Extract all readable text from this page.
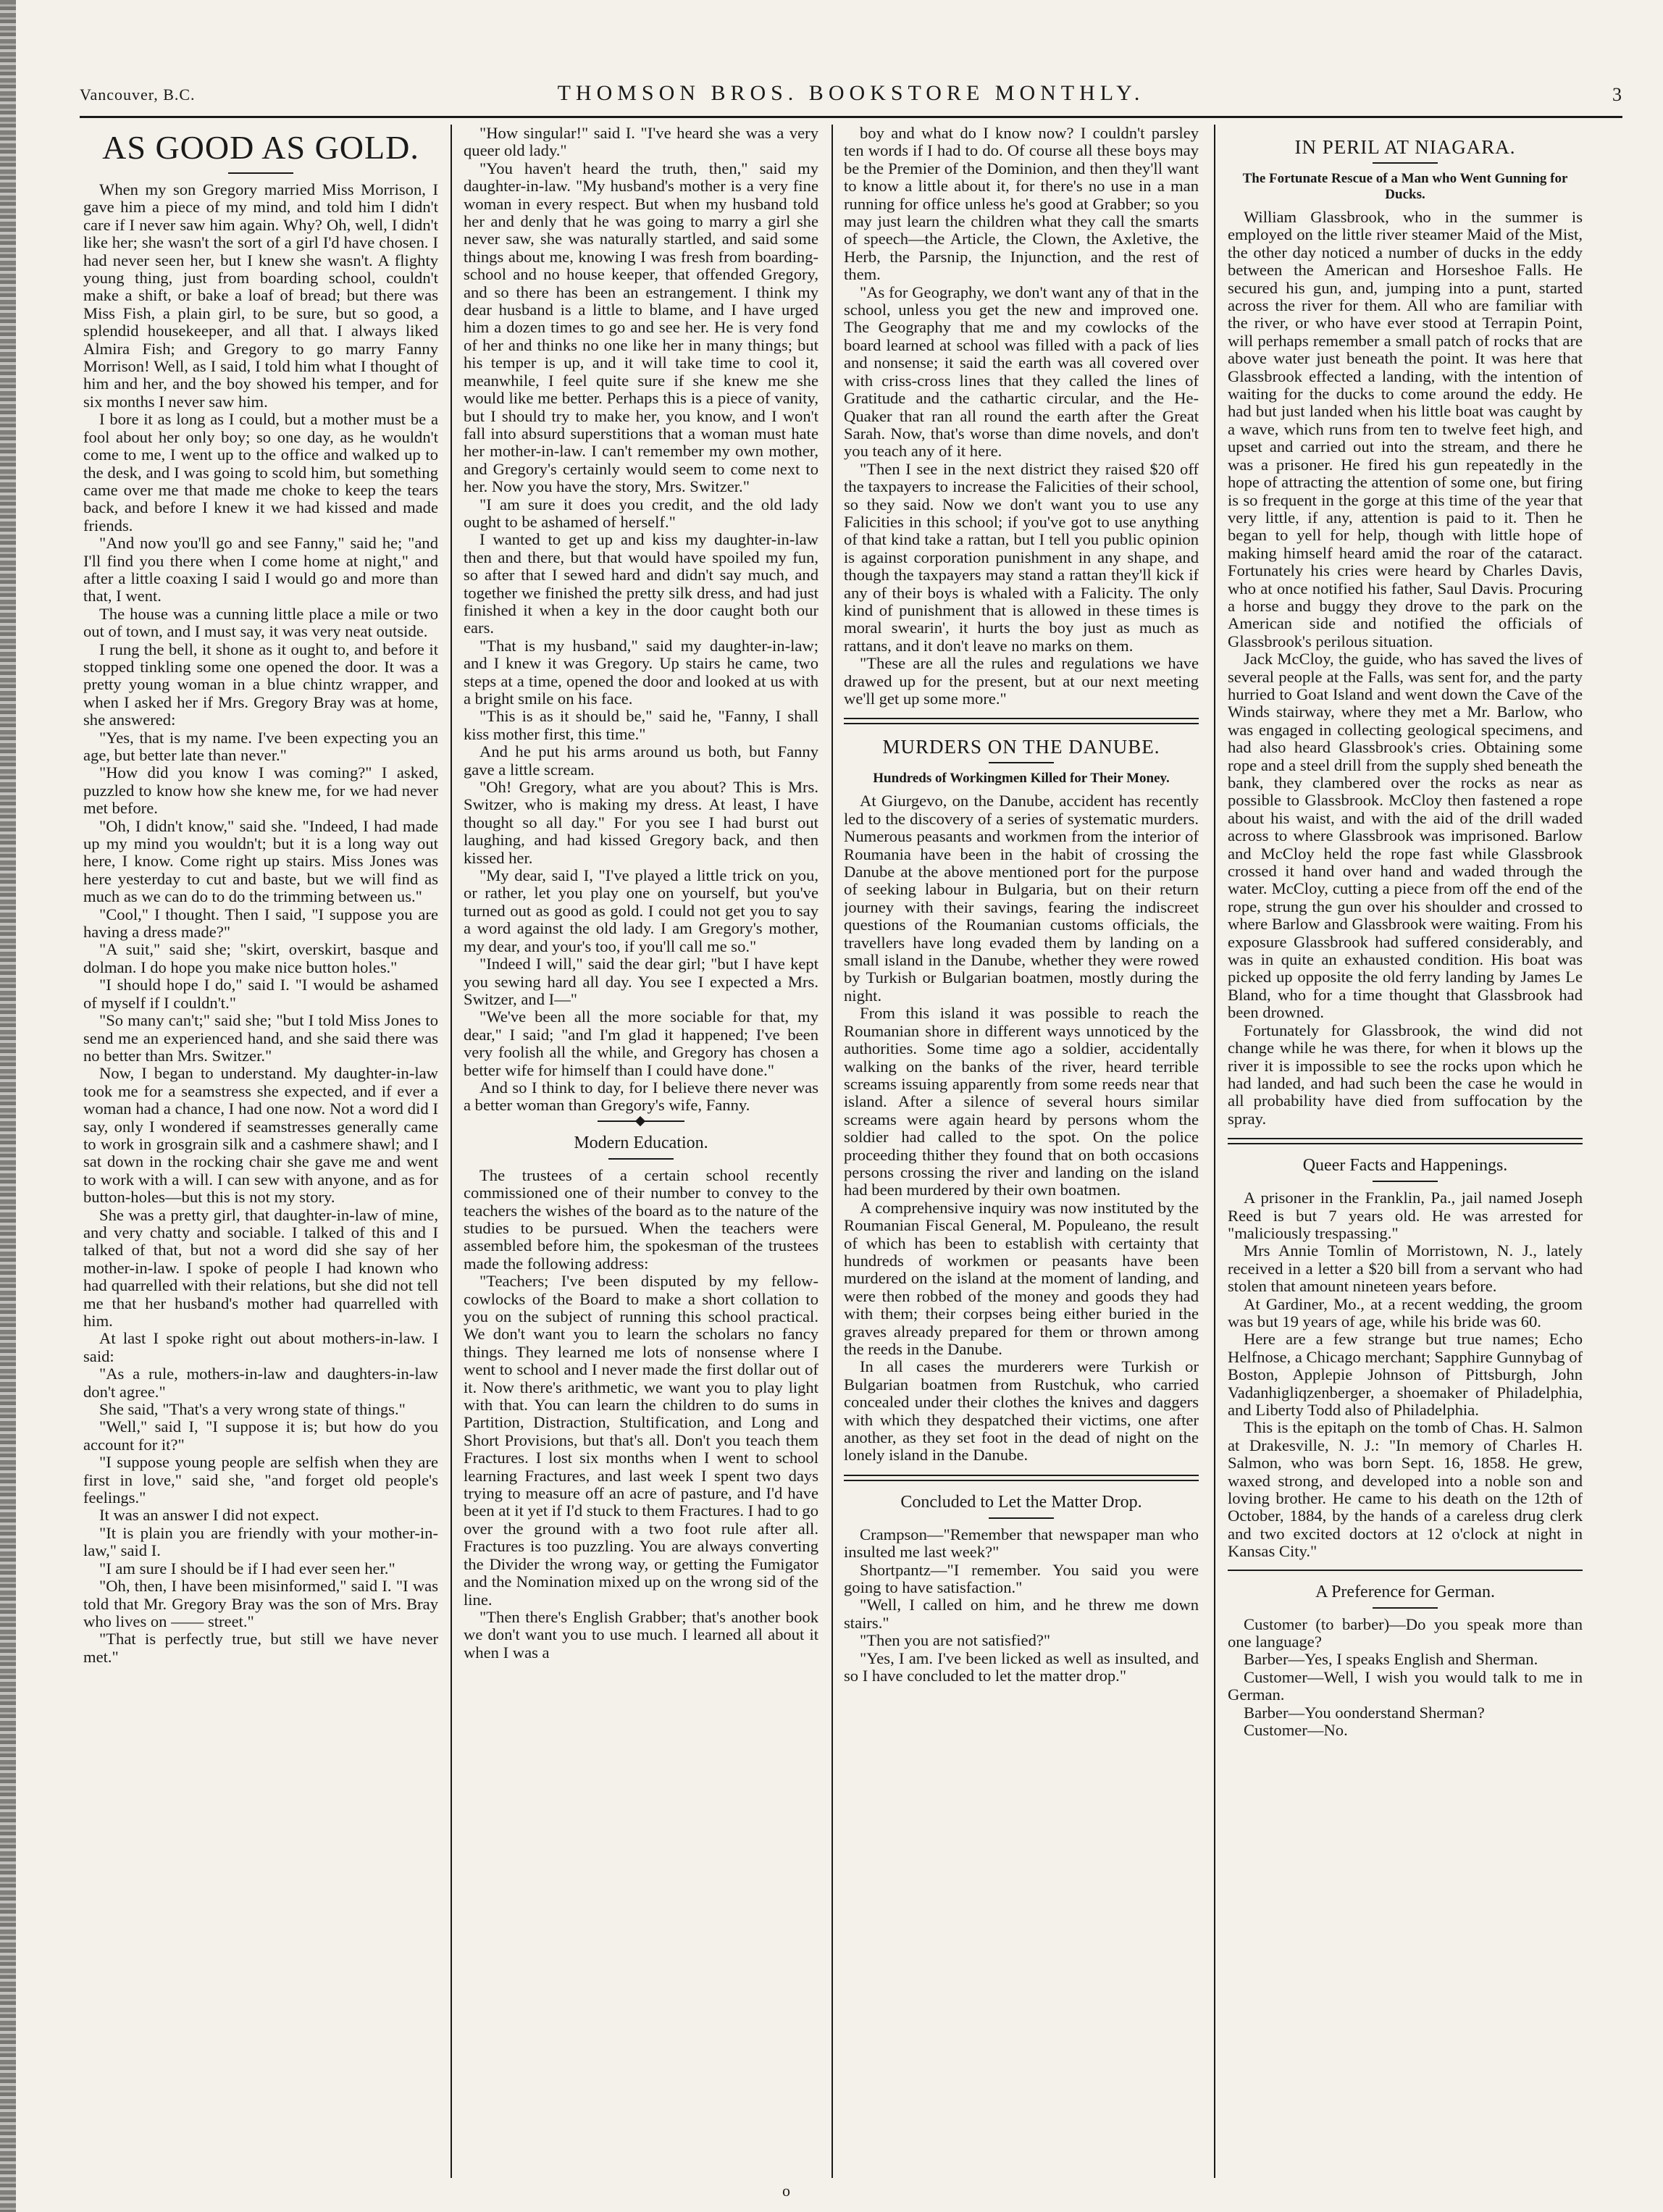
Vancouver, B.C.	THOMSON BROS. BOOKSTORE MONTHLY.	3
AS GOOD AS GOLD.

When my son Gregory married Miss Morrison, I gave him a piece of my mind, and told him I didn't care if I never saw him again. Why? Oh, well, I didn't like her; she wasn't the sort of a girl I'd have chosen. I had never seen her, but I knew she wasn't. A flighty young thing, just from boarding school, couldn't make a shift, or bake a loaf of bread; but there was Miss Fish, a plain girl, to be sure, but so good, a splendid housekeeper, and all that. I always liked Almira Fish; and Gregory to go marry Fanny Morrison! Well, as I said, I told him what I thought of him and her, and the boy showed his temper, and for six months I never saw him.

I bore it as long as I could, but a mother must be a fool about her only boy; so one day, as he wouldn't come to me, I went up to the office and walked up to the desk, and I was going to scold him, but something came over me that made me choke to keep the tears back, and before I knew it we had kissed and made friends.

"And now you'll go and see Fanny," said he; "and I'll find you there when I come home at night," and after a little coaxing I said I would go and more than that, I went.

The house was a cunning little place a mile or two out of town, and I must say, it was very neat outside.

I rung the bell, it shone as it ought to, and before it stopped tinkling some one opened the door. It was a pretty young woman in a blue chintz wrapper, and when I asked her if Mrs. Gregory Bray was at home, she answered:

"Yes, that is my name. I've been expecting you an age, but better late than never."

"How did you know I was coming?" I asked, puzzled to know how she knew me, for we had never met before.

"Oh, I didn't know," said she. "Indeed, I had made up my mind you wouldn't; but it is a long way out here, I know. Come right up stairs. Miss Jones was here yesterday to cut and baste, but we will find as much as we can do to do the trimming between us."

"Cool," I thought. Then I said, "I suppose you are having a dress made?"

"A suit," said she; "skirt, overskirt, basque and dolman. I do hope you make nice button holes."

"I should hope I do," said I. "I would be ashamed of myself if I couldn't."

"So many can't;" said she; "but I told Miss Jones to send me an experienced hand, and she said there was no better than Mrs. Switzer."

Now, I began to understand. My daughter-in-law took me for a seamstress she expected, and if ever a woman had a chance, I had one now. Not a word did I say, only I wondered if seamstresses generally came to work in grosgrain silk and a cashmere shawl; and I sat down in the rocking chair she gave me and went to work with a will. I can sew with anyone, and as for button-holes—but this is not my story.

She was a pretty girl, that daughter-in-law of mine, and very chatty and sociable. I talked of this and I talked of that, but not a word did she say of her mother-in-law. I spoke of people I had known who had quarrelled with their relations, but she did not tell me that her husband's mother had quarrelled with him.

At last I spoke right out about mothers-in-law. I said:

"As a rule, mothers-in-law and daughters-in-law don't agree."

She said, "That's a very wrong state of things."

"Well," said I, "I suppose it is; but how do you account for it?"

"I suppose young people are selfish when they are first in love," said she, "and forget old people's feelings."

It was an answer I did not expect.

"It is plain you are friendly with your mother-in-law," said I.

"I am sure I should be if I had ever seen her."

"Oh, then, I have been misinformed," said I. "I was told that Mr. Gregory Bray was the son of Mrs. Bray who lives on —— street."

"That is perfectly true, but still we have never met."

"How singular!" said I. "I've heard she was a very queer old lady."

"You haven't heard the truth, then," said my daughter-in-law. "My husband's mother is a very fine woman in every respect. But when my husband told her and denly that he was going to marry a girl she never saw, she was naturally startled, and said some things about me, knowing I was fresh from boarding-school and no house keeper, that offended Gregory, and so there has been an estrangement. I think my dear husband is a little to blame, and I have urged him a dozen times to go and see her. He is very fond of her and thinks no one like her in many things; but his temper is up, and it will take time to cool it, meanwhile, I feel quite sure if she knew me she would like me better. Perhaps this is a piece of vanity, but I should try to make her, you know, and I won't fall into absurd superstitions that a woman must hate her mother-in-law. I can't remember my own mother, and Gregory's certainly would seem to come next to her. Now you have the story, Mrs. Switzer."

"I am sure it does you credit, and the old lady ought to be ashamed of herself."

I wanted to get up and kiss my daughter-in-law then and there, but that would have spoiled my fun, so after that I sewed hard and didn't say much, and together we finished the pretty silk dress, and had just finished it when a key in the door caught both our ears.

"That is my husband," said my daughter-in-law; and I knew it was Gregory. Up stairs he came, two steps at a time, opened the door and looked at us with a bright smile on his face.

"This is as it should be," said he, "Fanny, I shall kiss mother first, this time."

And he put his arms around us both, but Fanny gave a little scream.

"Oh! Gregory, what are you about? This is Mrs. Switzer, who is making my dress. At least, I have thought so all day." For you see I had burst out laughing, and had kissed Gregory back, and then kissed her.

"My dear, said I, "I've played a little trick on you, or rather, let you play one on yourself, but you've turned out as good as gold. I could not get you to say a word against the old lady. I am Gregory's mother, my dear, and your's too, if you'll call me so."

"Indeed I will," said the dear girl; "but I have kept you sewing hard all day. You see I expected a Mrs. Switzer, and I—"

"We've been all the more sociable for that, my dear," I said; "and I'm glad it happened; I've been very foolish all the while, and Gregory has chosen a better wife for himself than I could have done."

And so I think to day, for I believe there never was a better woman than Gregory's wife, Fanny.

Modern Education.

The trustees of a certain school recently commissioned one of their number to convey to the teachers the wishes of the board as to the nature of the studies to be pursued. When the teachers were assembled before him, the spokesman of the trustees made the following address:

"Teachers; I've been disputed by my fellow-cowlocks of the Board to make a short collation to you on the subject of running this school practical. We don't want you to learn the scholars no fancy things. They learned me lots of nonsense where I went to school and I never made the first dollar out of it. Now there's arithmetic, we want you to play light with that. You can learn the children to do sums in Partition, Distraction, Stultification, and Long and Short Provisions, but that's all. Don't you teach them Fractures. I lost six months when I went to school learning Fractures, and last week I spent two days trying to measure off an acre of pasture, and I'd have been at it yet if I'd stuck to them Fractures. I had to go over the ground with a two foot rule after all. Fractures is too puzzling. You are always converting the Divider the wrong way, or getting the Fumigator and the Nomination mixed up on the wrong sid of the line.

"Then there's English Grabber; that's another book we don't want you to use much. I learned all about it when I was a

boy and what do I know now? I couldn't parsley ten words if I had to do. Of course all these boys may be the Premier of the Dominion, and then they'll want to know a little about it, for there's no use in a man running for office unless he's good at Grabber; so you may just learn the children what they call the smarts of speech—the Article, the Clown, the Axletive, the Herb, the Parsnip, the Injunction, and the rest of them.

"As for Geography, we don't want any of that in the school, unless you get the new and improved one. The Geography that me and my cowlocks of the board learned at school was filled with a pack of lies and nonsense; it said the earth was all covered over with criss-cross lines that they called the lines of Gratitude and the cathartic circular, and the He-Quaker that ran all round the earth after the Great Sarah. Now, that's worse than dime novels, and don't you teach any of it here.

"Then I see in the next district they raised $20 off the taxpayers to increase the Falicities of their school, so they said. Now we don't want you to use any Falicities in this school; if you've got to use anything of that kind take a rattan, but I tell you public opinion is against corporation punishment in any shape, and though the taxpayers may stand a rattan they'll kick if any of their boys is whaled with a Falicity. The only kind of punishment that is allowed in these times is moral swearin', it hurts the boy just as much as rattans, and it don't leave no marks on them.

"These are all the rules and regulations we have drawed up for the present, but at our next meeting we'll get up some more."

MURDERS ON THE DANUBE.
Hundreds of Workingmen Killed for Their Money.

At Giurgevo, on the Danube, accident has recently led to the discovery of a series of systematic murders. Numerous peasants and workmen from the interior of Roumania have been in the habit of crossing the Danube at the above mentioned port for the purpose of seeking labour in Bulgaria, but on their return journey with their savings, fearing the indiscreet questions of the Roumanian customs officials, the travellers have long evaded them by landing on a small island in the Danube, whether they were rowed by Turkish or Bulgarian boatmen, mostly during the night.

From this island it was possible to reach the Roumanian shore in different ways unnoticed by the authorities. Some time ago a soldier, accidentally walking on the banks of the river, heard terrible screams issuing apparently from some reeds near that island. After a silence of several hours similar screams were again heard by persons whom the soldier had called to the spot. On the police proceeding thither they found that on both occasions persons crossing the river and landing on the island had been murdered by their own boatmen.

A comprehensive inquiry was now instituted by the Roumanian Fiscal General, M. Populeano, the result of which has been to establish with certainty that hundreds of workmen or peasants have been murdered on the island at the moment of landing, and were then robbed of the money and goods they had with them; their corpses being either buried in the graves already prepared for them or thrown among the reeds in the Danube.

In all cases the murderers were Turkish or Bulgarian boatmen from Rustchuk, who carried concealed under their clothes the knives and daggers with which they despatched their victims, one after another, as they set foot in the dead of night on the lonely island in the Danube.

Concluded to Let the Matter Drop.

Crampson—"Remember that newspaper man who insulted me last week?"

Shortpantz—"I remember. You said you were going to have satisfaction."

"Well, I called on him, and he threw me down stairs."

"Then you are not satisfied?"

"Yes, I am. I've been licked as well as insulted, and so I have concluded to let the matter drop."

IN PERIL AT NIAGARA.
The Fortunate Rescue of a Man who Went Gunning for Ducks.

William Glassbrook, who in the summer is employed on the little river steamer Maid of the Mist, the other day noticed a number of ducks in the eddy between the American and Horseshoe Falls. He secured his gun, and, jumping into a punt, started across the river for them. All who are familiar with the river, or who have ever stood at Terrapin Point, will perhaps remember a small patch of rocks that are above water just beneath the point. It was here that Glassbrook effected a landing, with the intention of waiting for the ducks to come around the eddy. He had but just landed when his little boat was caught by a wave, which runs from ten to twelve feet high, and upset and carried out into the stream, and there he was a prisoner. He fired his gun repeatedly in the hope of attracting the attention of some one, but firing is so frequent in the gorge at this time of the year that very little, if any, attention is paid to it. Then he began to yell for help, though with little hope of making himself heard amid the roar of the cataract. Fortunately his cries were heard by Charles Davis, who at once notified his father, Saul Davis. Procuring a horse and buggy they drove to the park on the American side and notified the officials of Glassbrook's perilous situation.

Jack McCloy, the guide, who has saved the lives of several people at the Falls, was sent for, and the party hurried to Goat Island and went down the Cave of the Winds stairway, where they met a Mr. Barlow, who was engaged in collecting geological specimens, and had also heard Glassbrook's cries. Obtaining some rope and a steel drill from the supply shed beneath the bank, they clambered over the rocks as near as possible to Glassbrook. McCloy then fastened a rope about his waist, and with the aid of the drill waded across to where Glassbrook was imprisoned. Barlow and McCloy held the rope fast while Glassbrook crossed it hand over hand and waded through the water. McCloy, cutting a piece from off the end of the rope, strung the gun over his shoulder and crossed to where Barlow and Glassbrook were waiting. From his exposure Glassbrook had suffered considerably, and was in quite an exhausted condition. His boat was picked up opposite the old ferry landing by James Le Bland, who for a time thought that Glassbrook had been drowned.

Fortunately for Glassbrook, the wind did not change while he was there, for when it blows up the river it is impossible to see the rocks upon which he had landed, and had such been the case he would in all probability have died from suffocation by the spray.

Queer Facts and Happenings.

A prisoner in the Franklin, Pa., jail named Joseph Reed is but 7 years old. He was arrested for "maliciously trespassing."

Mrs Annie Tomlin of Morristown, N. J., lately received in a letter a $20 bill from a servant who had stolen that amount nineteen years before.

At Gardiner, Mo., at a recent wedding, the groom was but 19 years of age, while his bride was 60.

Here are a few strange but true names; Echo Helfnose, a Chicago merchant; Sapphire Gunnybag of Boston, Applepie Johnson of Pittsburgh, John Vadanhigliqzenberger, a shoemaker of Philadelphia, and Liberty Todd also of Philadelphia.

This is the epitaph on the tomb of Chas. H. Salmon at Drakesville, N. J.: "In memory of Charles H. Salmon, who was born Sept. 16, 1858. He grew, waxed strong, and developed into a noble son and loving brother. He came to his death on the 12th of October, 1884, by the hands of a careless drug clerk and two excited doctors at 12 o'clock at night in Kansas City."

A Preference for German.

Customer (to barber)—Do you speak more than one language?

Barber—Yes, I speaks English and Sherman.

Customer—Well, I wish you would talk to me in German.

Barber—You oonderstand Sherman?

Customer—No.

o
